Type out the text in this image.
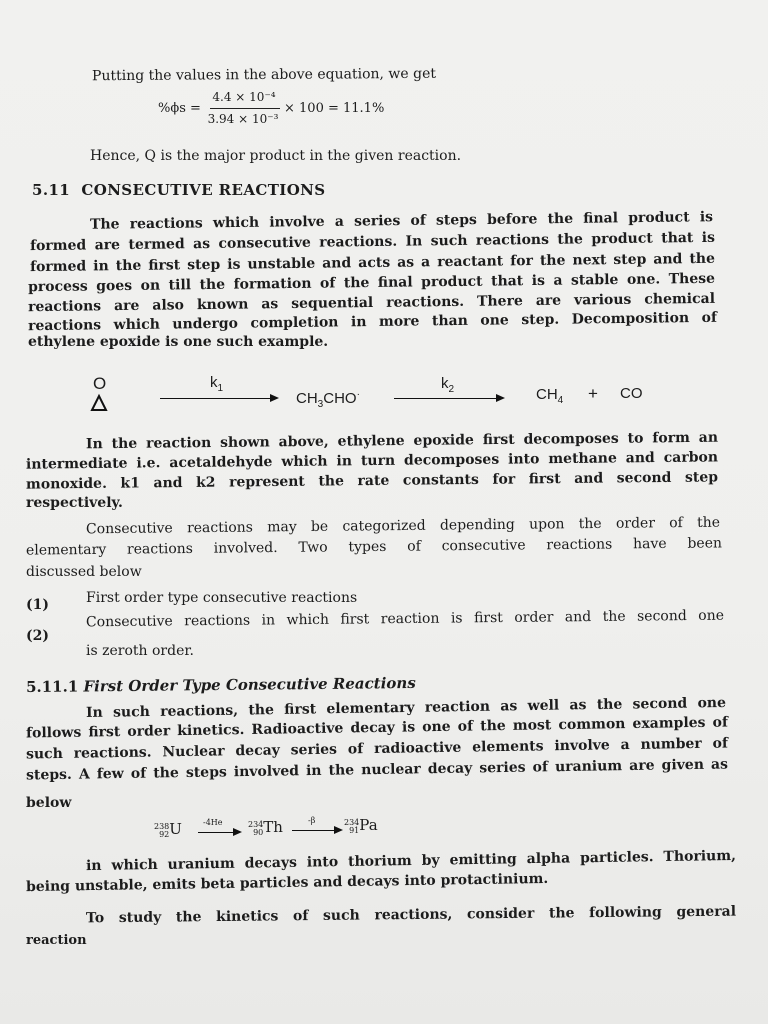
Putting the values in the above equation, we get
%ϕs =
4.4 × 10⁻⁴
3.94 × 10⁻³
× 100 = 11.1%
Hence, Q is the major product in the given reaction.
5.11 CONSECUTIVE REACTIONS
The reactions which involve a series of steps before the final product is
formed are termed as consecutive reactions. In such reactions the product that is
formed in the first step is unstable and acts as a reactant for the next step and the
process goes on till the formation of the final product that is a stable one. These
reactions are also known as sequential reactions. There are various chemical
reactions which undergo completion in more than one step. Decomposition of
ethylene epoxide is one such example.
O	$k_1$
$CH_3CHO^\cdot$
$k_2$	$CH_4$ + CO
In the reaction shown above, ethylene epoxide first decomposes to form an
intermediate i.e. acetaldehyde which in turn decomposes into methane and carbon
monoxide. k1 and k2 represent the rate constants for first and second step
respectively.
Consecutive reactions may be categorized depending upon the order of the
elementary reactions involved. Two types of consecutive reactions have been
discussed below
(1)	First order type consecutive reactions
(2)
Consecutive reactions in which first reaction is first order and the second one
is zeroth order.
5.11.1 First Order Type Consecutive Reactions
In such reactions, the first elementary reaction as well as the second one
follows first order kinetics. Radioactive decay is one of the most common examples of
such reactions. Nuclear decay series of radioactive elements involve a number of
steps. A few of the steps involved in the nuclear decay series of uranium are given as
below
238
92 U	-4He	234
90 Th	-β	234
91 Pa
in which uranium decays into thorium by emitting alpha particles. Thorium,
being unstable, emits beta particles and decays into protactinium.
To study the kinetics of such reactions, consider the following general
reaction
